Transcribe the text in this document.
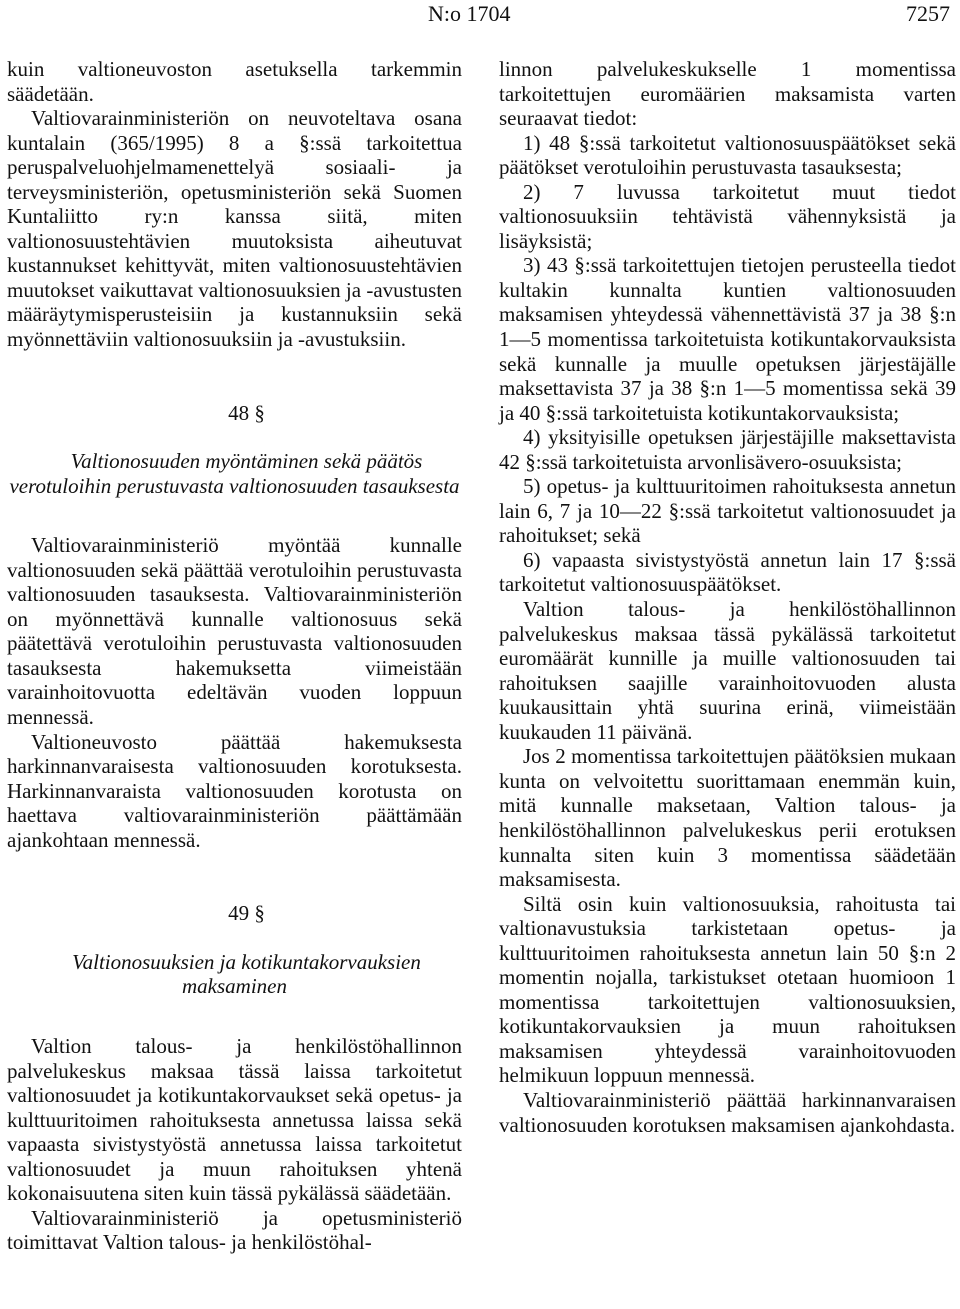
N:o 1704	7257

kuin valtioneuvoston asetuksella tarkemmin säädetään.

Valtiovarainministeriön on neuvoteltava osana kuntalain (365/1995) 8 a §:ssä tarkoitettua peruspalveluohjelmamenettelyä sosiaali- ja terveysministeriön, opetusministeriön sekä Suomen Kuntaliitto ry:n kanssa siitä, miten valtionosuustehtävien muutoksista aiheutuvat kustannukset kehittyvät, miten valtionosuustehtävien muutokset vaikuttavat valtionosuuksien ja -avustusten määräytymisperusteisiin ja kustannuksiin sekä myönnettäviin valtionosuuksiin ja -avustuksiin.

48 §

Valtionosuuden myöntäminen sekä päätös verotuloihin perustuvasta valtionosuuden tasauksesta

Valtiovarainministeriö myöntää kunnalle valtionosuuden sekä päättää verotuloihin perustuvasta valtionosuuden tasauksesta. Valtiovarainministeriön on myönnettävä kunnalle valtionosuus sekä päätettävä verotuloihin perustuvasta valtionosuuden tasauksesta hakemuksetta viimeistään varainhoitovuotta edeltävän vuoden loppuun mennessä.

Valtioneuvosto päättää hakemuksesta harkinnanvaraisesta valtionosuuden korotuksesta. Harkinnanvaraista valtionosuuden korotusta on haettava valtiovarainministeriön päättämään ajankohtaan mennessä.

49 §

Valtionosuuksien ja kotikuntakorvauksien maksaminen

Valtion talous- ja henkilöstöhallinnon palvelukeskus maksaa tässä laissa tarkoitetut valtionosuudet ja kotikuntakorvaukset sekä opetus- ja kulttuuritoimen rahoituksesta annetussa laissa sekä vapaasta sivistystyöstä annetussa laissa tarkoitetut valtionosuudet ja muun rahoituksen yhtenä kokonaisuutena siten kuin tässä pykälässä säädetään.

Valtiovarainministeriö ja opetusministeriö toimittavat Valtion talous- ja henkilöstöhal-

linnon palvelukeskukselle 1 momentissa tarkoitettujen euromäärien maksamista varten seuraavat tiedot:

1) 48 §:ssä tarkoitetut valtionosuuspäätökset sekä päätökset verotuloihin perustuvasta tasauksesta;

2) 7 luvussa tarkoitetut muut tiedot valtionosuuksiin tehtävistä vähennyksistä ja lisäyksistä;

3) 43 §:ssä tarkoitettujen tietojen perusteella tiedot kultakin kunnalta kuntien valtionosuuden maksamisen yhteydessä vähennettävistä 37 ja 38 §:n 1—5 momentissa tarkoitetuista kotikuntakorvauksista sekä kunnalle ja muulle opetuksen järjestäjälle maksettavista 37 ja 38 §:n 1—5 momentissa sekä 39 ja 40 §:ssä tarkoitetuista kotikuntakorvauksista;

4) yksityisille opetuksen järjestäjille maksettavista 42 §:ssä tarkoitetuista arvonlisävero-osuuksista;

5) opetus- ja kulttuuritoimen rahoituksesta annetun lain 6, 7 ja 10—22 §:ssä tarkoitetut valtionosuudet ja rahoitukset; sekä

6) vapaasta sivistystyöstä annetun lain 17 §:ssä tarkoitetut valtionosuuspäätökset.

Valtion talous- ja henkilöstöhallinnon palvelukeskus maksaa tässä pykälässä tarkoitetut euromäärät kunnille ja muille valtionosuuden tai rahoituksen saajille varainhoitovuoden alusta kuukausittain yhtä suurina erinä, viimeistään kuukauden 11 päivänä.

Jos 2 momentissa tarkoitettujen päätöksien mukaan kunta on velvoitettu suorittamaan enemmän kuin, mitä kunnalle maksetaan, Valtion talous- ja henkilöstöhallinnon palvelukeskus perii erotuksen kunnalta siten kuin 3 momentissa säädetään maksamisesta.

Siltä osin kuin valtionosuuksia, rahoitusta tai valtionavustuksia tarkistetaan opetus- ja kulttuuritoimen rahoituksesta annetun lain 50 §:n 2 momentin nojalla, tarkistukset otetaan huomioon 1 momentissa tarkoitettujen valtionosuuksien, kotikuntakorvauksien ja muun rahoituksen maksamisen yhteydessä varainhoitovuoden helmikuun loppuun mennessä.

Valtiovarainministeriö päättää harkinnanvaraisen valtionosuuden korotuksen maksamisen ajankohdasta.
